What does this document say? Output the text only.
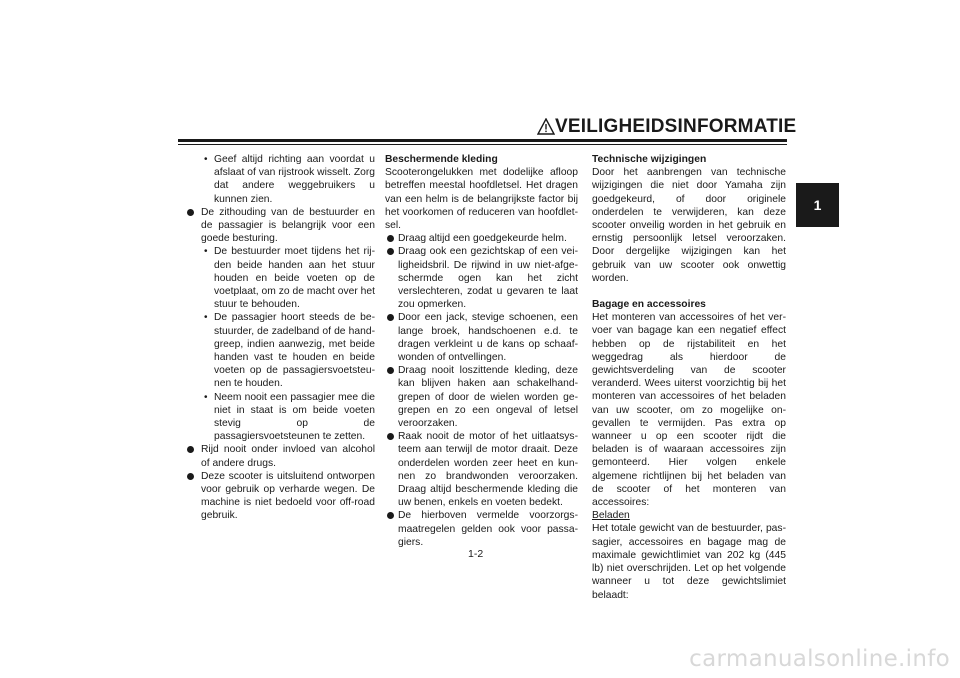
VEILIGHEIDSINFORMATIE
1
• Geef altijd richting aan voordat u afslaat of van rijstrook wisselt. Zorg dat andere weggebruikers u kunnen zien.

De zithouding van de bestuurder en de passagier is belangrijk voor een goede besturing.

• De bestuurder moet tijdens het rijden beide handen aan het stuur houden en beide voeten op de voetplaat, om zo de macht over het stuur te behouden.

• De passagier hoort steeds de bestuurder, de zadelband of de handgreep, indien aanwezig, met beide handen vast te houden en beide voeten op de passagiersvoetsteunen te houden.

• Neem nooit een passagier mee die niet in staat is om beide voeten stevig op de passagiersvoetsteunen te zetten.

Rijd nooit onder invloed van alcohol of andere drugs.

Deze scooter is uitsluitend ontworpen voor gebruik op verharde wegen. De machine is niet bedoeld voor off-road gebruik.

Beschermende kleding

Scooterongelukken met dodelijke afloop betreffen meestal hoofdletsel. Het dragen van een helm is de belangrijkste factor bij het voorkomen of reduceren van hoofdletsel.

Draag altijd een goedgekeurde helm.

Draag ook een gezichtskap of een veiligheidsbril. De rijwind in uw niet-afgeschermde ogen kan het zicht verslechteren, zodat u gevaren te laat zou opmerken.

Door een jack, stevige schoenen, een lange broek, handschoenen e.d. te dragen verkleint u de kans op schaafwonden of ontvellingen.

Draag nooit loszittende kleding, deze kan blijven haken aan schakelhandgrepen of door de wielen worden gegrepen en zo een ongeval of letsel veroorzaken.

Raak nooit de motor of het uitlaatsysteem aan terwijl de motor draait. Deze onderdelen worden zeer heet en kunnen zo brandwonden veroorzaken. Draag altijd beschermende kleding die uw benen, enkels en voeten bedekt.

De hierboven vermelde voorzorgsmaatregelen gelden ook voor passagiers.

Technische wijzigingen

Door het aanbrengen van technische wijzigingen die niet door Yamaha zijn goedgekeurd, of door originele onderdelen te verwijderen, kan deze scooter onveilig worden in het gebruik en ernstig persoonlijk letsel veroorzaken. Door dergelijke wijzigingen kan het gebruik van uw scooter ook onwettig worden.

Bagage en accessoires

Het monteren van accessoires of het vervoer van bagage kan een negatief effect hebben op de rijstabiliteit en het weggedrag als hierdoor de gewichtsverdeling van de scooter veranderd. Wees uiterst voorzichtig bij het monteren van accessoires of het beladen van uw scooter, om zo mogelijke ongevallen te vermijden. Pas extra op wanneer u op een scooter rijdt die beladen is of waaraan accessoires zijn gemonteerd. Hier volgen enkele algemene richtlijnen bij het beladen van de scooter of het monteren van accessoires:

Beladen

Het totale gewicht van de bestuurder, passagier, accessoires en bagage mag de maximale gewichtlimiet van 202 kg (445 lb) niet overschrijden. Let op het volgende wanneer u tot deze gewichtslimiet belaadt:

1-2
carmanualsonline.info
